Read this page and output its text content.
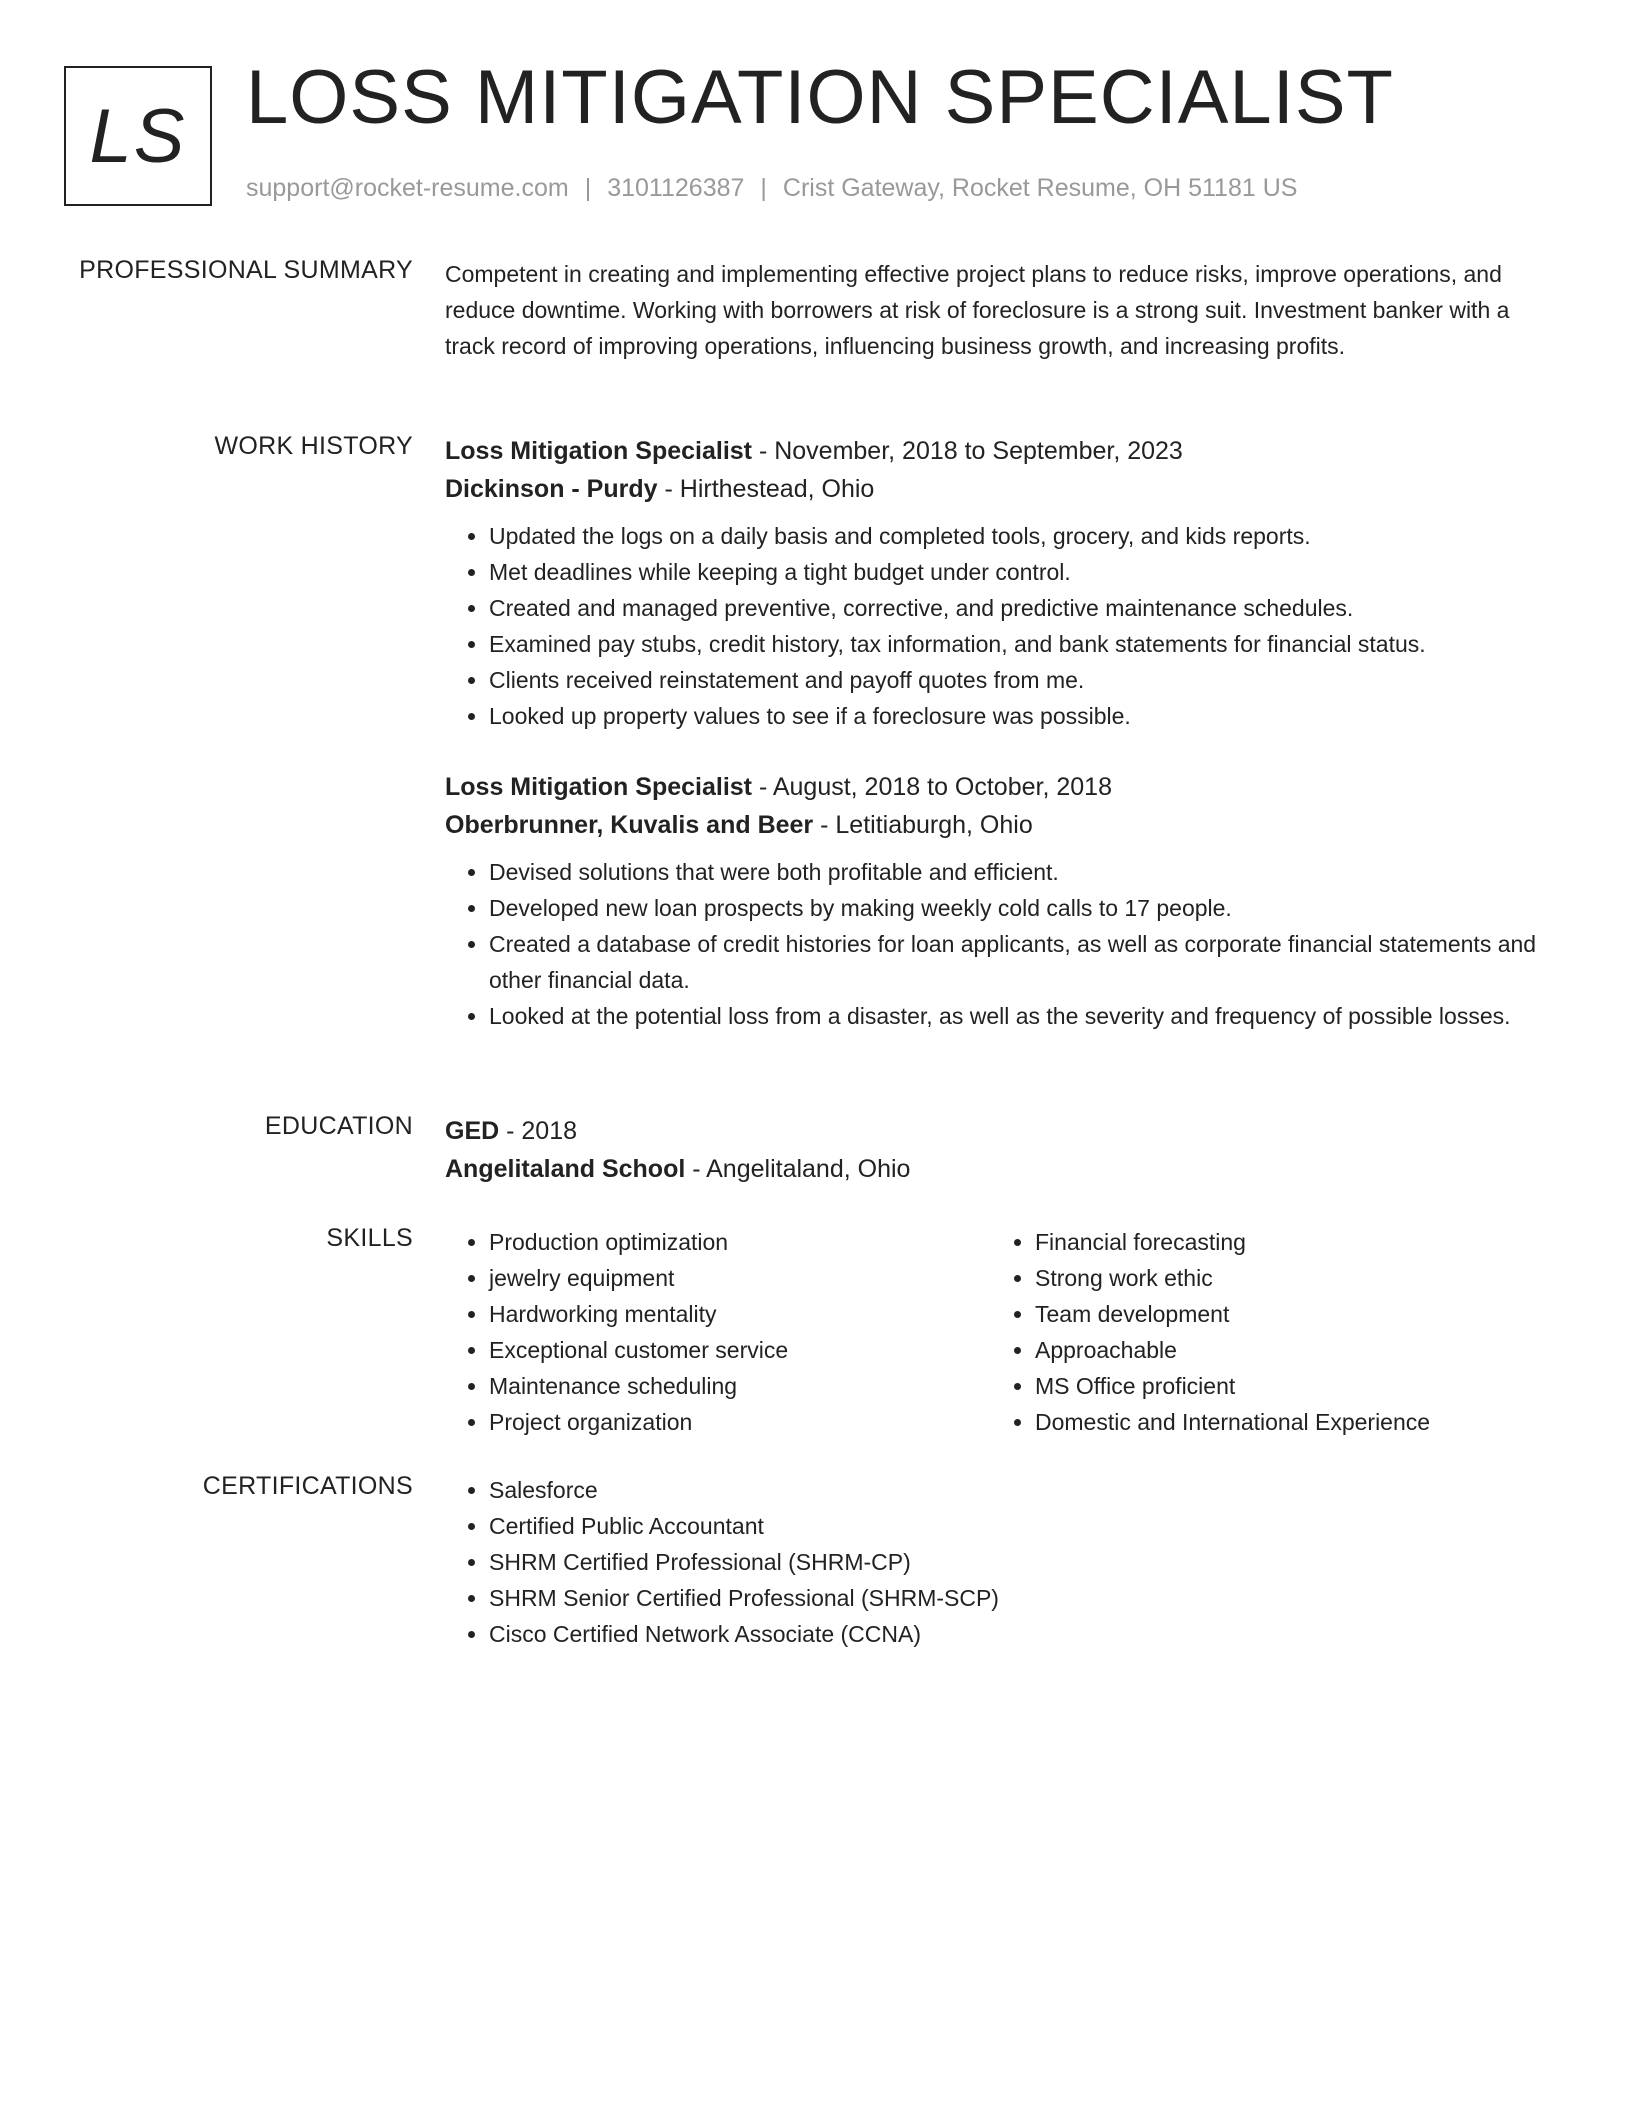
LS LOSS MITIGATION SPECIALIST
support@rocket-resume.com | 3101126387 | Crist Gateway, Rocket Resume, OH 51181 US
PROFESSIONAL SUMMARY Competent in creating and implementing effective project plans to reduce risks, improve operations, and reduce downtime. Working with borrowers at risk of foreclosure is a strong suit. Investment banker with a track record of improving operations, influencing business growth, and increasing profits.

WORK HISTORY Loss Mitigation Specialist - November, 2018 to September, 2023
Dickinson - Purdy - Hirthestead, Ohio
• Updated the logs on a daily basis and completed tools, grocery, and kids reports.
• Met deadlines while keeping a tight budget under control.
• Created and managed preventive, corrective, and predictive maintenance schedules.
• Examined pay stubs, credit history, tax information, and bank statements for financial status.
• Clients received reinstatement and payoff quotes from me.
• Looked up property values to see if a foreclosure was possible.
Loss Mitigation Specialist - August, 2018 to October, 2018
Oberbrunner, Kuvalis and Beer - Letitiaburgh, Ohio
• Devised solutions that were both profitable and efficient.
• Developed new loan prospects by making weekly cold calls to 17 people.
• Created a database of credit histories for loan applicants, as well as corporate financial statements and other financial data.
• Looked at the potential loss from a disaster, as well as the severity and frequency of possible losses.
EDUCATION GED - 2018
Angelitaland School - Angelitaland, Ohio
SKILLS	• Production optimization
• jewelry equipment
• Hardworking mentality
• Exceptional customer service
• Maintenance scheduling
• Project organization
• Financial forecasting
• Strong work ethic
• Team development
• Approachable
• MS Office proficient
• Domestic and International Experience
CERTIFICATIONS	• Salesforce
• Certified Public Accountant
• SHRM Certified Professional (SHRM-CP)
• SHRM Senior Certified Professional (SHRM-SCP)
• Cisco Certified Network Associate (CCNA)
